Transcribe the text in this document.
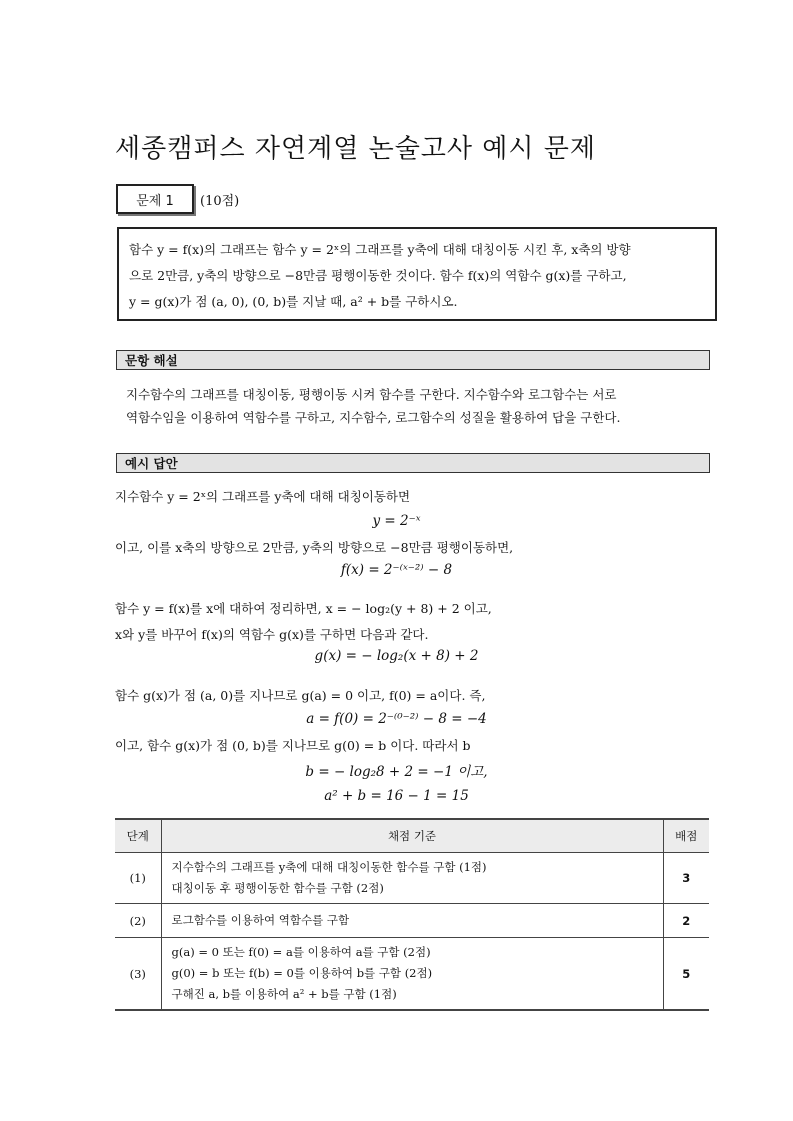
세종캠퍼스 자연계열 논술고사 예시 문제
문제 1	(10점)

함수 y = f(x)의 그래프는 함수 y = 2ˣ의 그래프를 y축에 대해 대칭이동 시킨 후, x축의 방향

으로 2만큼, y축의 방향으로 −8만큼 평행이동한 것이다. 함수 f(x)의 역함수 g(x)를 구하고,

y = g(x)가 점 (a, 0), (0, b)를 지날 때, a² + b를 구하시오.

문항 해설

지수함수의 그래프를 대칭이동, 평행이동 시켜 함수를 구한다. 지수함수와 로그함수는 서로

역함수임을 이용하여 역함수를 구하고, 지수함수, 로그함수의 성질을 활용하여 답을 구한다.

예시 답안
지수함수 y = 2ˣ의 그래프를 y축에 대해 대칭이동하면
y = 2⁻ˣ
이고, 이를 x축의 방향으로 2만큼, y축의 방향으로 −8만큼 평행이동하면,
f(x) = 2⁻⁽ˣ⁻²⁾ − 8
함수 y = f(x)를 x에 대하여 정리하면, x = − log₂(y + 8) + 2 이고,
x와 y를 바꾸어 f(x)의 역함수 g(x)를 구하면 다음과 같다.
g(x) = − log₂(x + 8) + 2
함수 g(x)가 점 (a, 0)를 지나므로 g(a) = 0 이고, f(0) = a이다. 즉,
a = f(0) = 2⁻⁽⁰⁻²⁾ − 8 = −4
이고, 함수 g(x)가 점 (0, b)를 지나므로 g(0) = b 이다. 따라서 b
b = − log₂8 + 2 = −1 이고,
a² + b = 16 − 1 = 15
단계	채점 기준	배점
(1)	지수함수의 그래프를 y축에 대해 대칭이동한 함수를 구함 (1점)
대칭이동 후 평행이동한 함수를 구함 (2점)	3
(2)	로그함수를 이용하여 역함수를 구함	2
(3)	g(a) = 0 또는 f(0) = a를 이용하여 a를 구함 (2점)
g(0) = b 또는 f(b) = 0를 이용하여 b를 구함 (2점)
구해진 a, b를 이용하여 a² + b를 구함 (1점)	5
